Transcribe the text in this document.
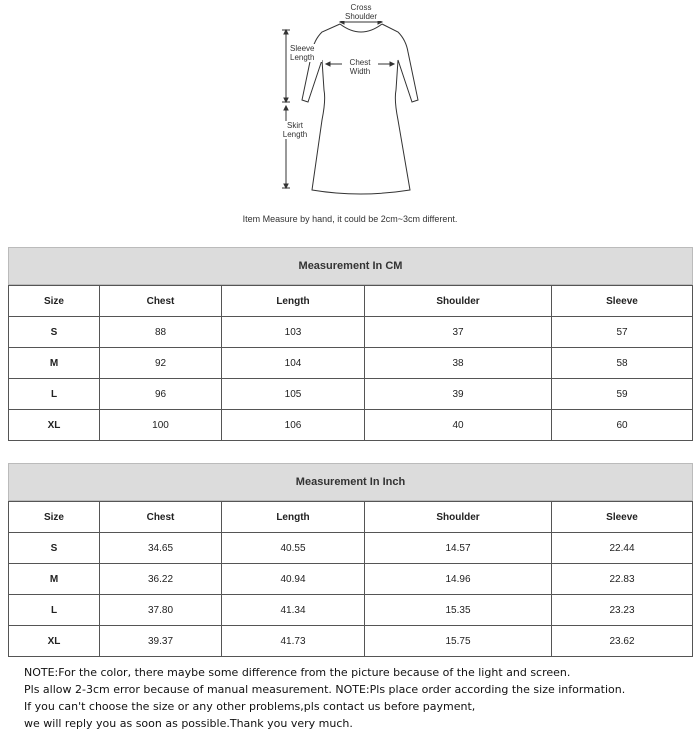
Cross
Shoulder
Sleeve
Length
Chest
Width
Skirt
Length
Item Measure by hand, it could be 2cm~3cm different.
Measurement In CM				

Size	Chest	Length	Shoulder	Sleeve
S	88	103	37	57
M	92	104	38	58
L	96	105	39	59
XL	100	106	40	60
Measurement In Inch				

Size	Chest	Length	Shoulder	Sleeve
S	34.65	40.55	14.57	22.44
M	36.22	40.94	14.96	22.83
L	37.80	41.34	15.35	23.23
XL	39.37	41.73	15.75	23.62
NOTE:For the color, there maybe some difference from the picture because of the light and screen.
Pls allow 2-3cm error because of manual measurement. NOTE:Pls place order according the size information.
If you can't choose the size or any other problems,pls contact us before payment,
we will reply you as soon as possible.Thank you very much.
